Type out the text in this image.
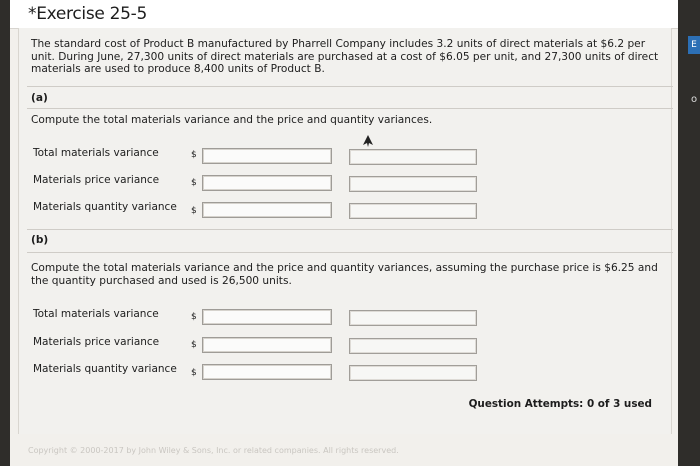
*Exercise 25-5
The standard cost of Product B manufactured by Pharrell Company includes 3.2 units of direct materials at $6.2 per unit. During June, 27,300 units of direct materials are purchased at a cost of $6.05 per unit, and 27,300 units of direct materials are used to produce 8,400 units of Product B.
(a)
Compute the total materials variance and the price and quantity variances.
Total materials variance	$
Materials price variance	$
Materials quantity variance $
(b)
Compute the total materials variance and the price and quantity variances, assuming the purchase price is $6.25 and the quantity purchased and used is 26,500 units.
Total materials variance	$
Materials price variance	$
Materials quantity variance $
Question Attempts: 0 of 3 used
Copyright © 2000-2017 by John Wiley & Sons, Inc. or related companies. All rights reserved.
E
o
